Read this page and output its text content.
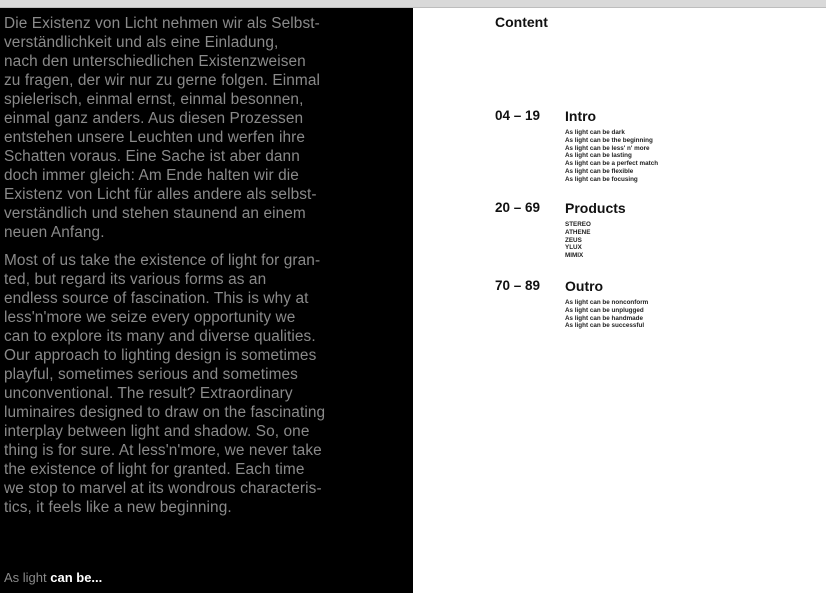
Die Existenz von Licht nehmen wir als Selbst-
verständlichkeit und als eine Einladung,
nach den unterschiedlichen Existenzweisen
zu fragen, der wir nur zu gerne folgen. Einmal
spielerisch, einmal ernst, einmal besonnen,
einmal ganz anders. Aus diesen Prozessen
entstehen unsere Leuchten und werfen ihre
Schatten voraus. Eine Sache ist aber dann
doch immer gleich: Am Ende halten wir die
Existenz von Licht für alles andere als selbst-
verständlich und stehen staunend an einem
neuen Anfang.

Most of us take the existence of light for gran-
ted, but regard its various forms as an
endless source of fascination. This is why at
less'n'more we seize every opportunity we
can to explore its many and diverse qualities.
Our approach to lighting design is sometimes
playful, sometimes serious and sometimes
unconventional. The result? Extraordinary
luminaires designed to draw on the fascinating
interplay between light and shadow. So, one
thing is for sure. At less'n'more, we never take
the existence of light for granted. Each time
we stop to marvel at its wondrous characteris-
tics, it feels like a new beginning.

As light can be...
Content
04 – 19 Intro
As light can be dark
As light can be the beginning
As light can be less' n' more
As light can be lasting
As light can be a perfect match
As light can be flexible
As light can be focusing
20 – 69 Products
STEREO
ATHENE
ZEUS
YLUX
MIMIX
70 – 89 Outro
As light can be nonconform
As light can be unplugged
As light can be handmade
As light can be successful
